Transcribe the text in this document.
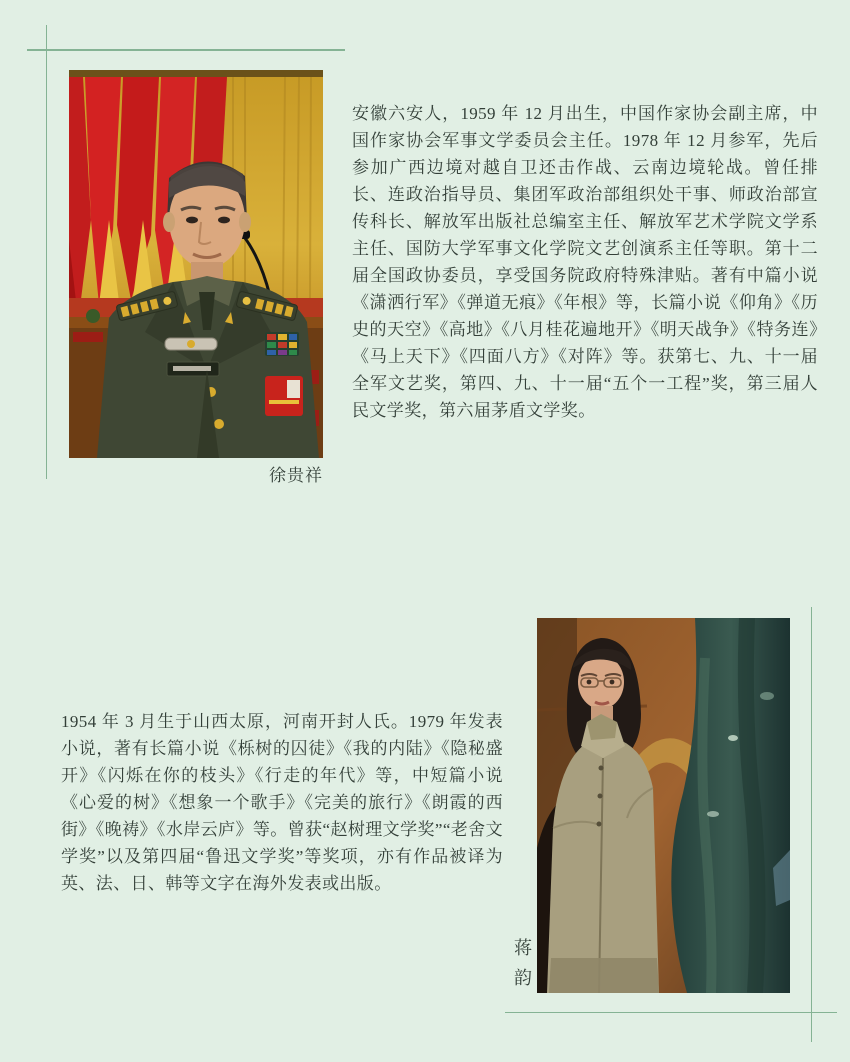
徐贵祥

安徽六安人，1959 年 12 月出生，中国作家协会副主席，中国作家协会军事文学委员会主任。1978 年 12 月参军，先后参加广西边境对越自卫还击作战、云南边境轮战。曾任排长、连政治指导员、集团军政治部组织处干事、师政治部宣传科长、解放军出版社总编室主任、解放军艺术学院文学系主任、国防大学军事文化学院文艺创演系主任等职。第十二届全国政协委员，享受国务院政府特殊津贴。著有中篇小说《潇洒行军》《弹道无痕》《年根》等，长篇小说《仰角》《历史的天空》《高地》《八月桂花遍地开》《明天战争》《特务连》《马上天下》《四面八方》《对阵》等。获第七、九、十一届全军文艺奖，第四、九、十一届“五个一工程”奖，第三届人民文学奖，第六届茅盾文学奖。

1954 年 3 月生于山西太原，河南开封人氏。1979 年发表小说，著有长篇小说《栎树的囚徒》《我的内陆》《隐秘盛开》《闪烁在你的枝头》《行走的年代》等，中短篇小说《心爱的树》《想象一个歌手》《完美的旅行》《朗霞的西街》《晚祷》《水岸云庐》等。曾获“赵树理文学奖”“老舍文学奖”以及第四届“鲁迅文学奖”等奖项，亦有作品被译为英、法、日、韩等文字在海外发表或出版。

蒋韵
